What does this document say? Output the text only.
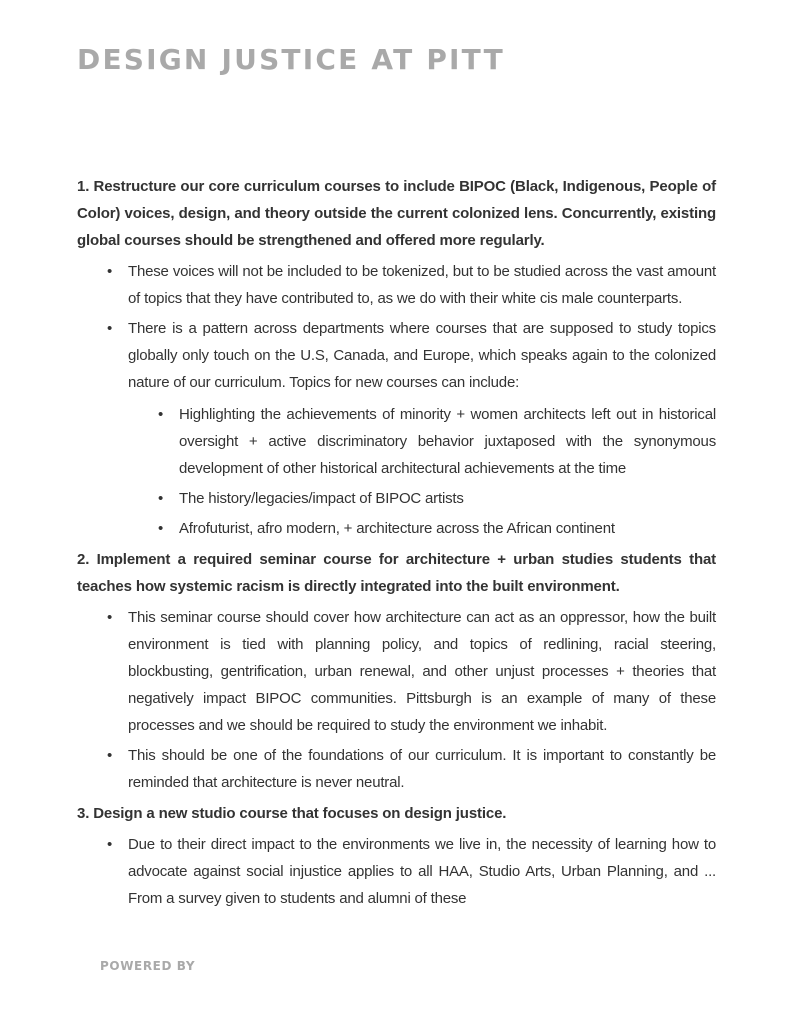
DESIGN JUSTICE AT PITT

1. Restructure our core curriculum courses to include BIPOC (Black, Indigenous, People of Color) voices, design, and theory outside the current colonized lens. Concurrently, existing global courses should be strengthened and offered more regularly.

• These voices will not be included to be tokenized, but to be studied across the vast amount of topics that they have contributed to, as we do with their white cis male counterparts.
• There is a pattern across departments where courses that are supposed to study topics globally only touch on the U.S, Canada, and Europe, which speaks again to the colonized nature of our curriculum. Topics for new courses can include:
• Highlighting the achievements of minority + women architects left out in historical oversight + active discriminatory behavior juxtaposed with the synonymous development of other historical architectural achievements at the time
• The history/legacies/impact of BIPOC artists
• Afrofuturist, afro modern, + architecture across the African continent

2. Implement a required seminar course for architecture + urban studies students that teaches how systemic racism is directly integrated into the built environment.

• This seminar course should cover how architecture can act as an oppressor, how the built environment is tied with planning policy, and topics of redlining, racial steering, blockbusting, gentrification, urban renewal, and other unjust processes + theories that negatively impact BIPOC communities. Pittsburgh is an example of many of these processes and we should be required to study the environment we inhabit.
• This should be one of the foundations of our curriculum. It is important to constantly be reminded that architecture is never neutral.

3. Design a new studio course that focuses on design justice.

• Due to their direct impact to the environments we live in, the necessity of learning how to advocate against social injustice applies to all HAA, Studio Arts, Urban Planning, and ... From a survey given to students and alumni of these
POWERED BY
